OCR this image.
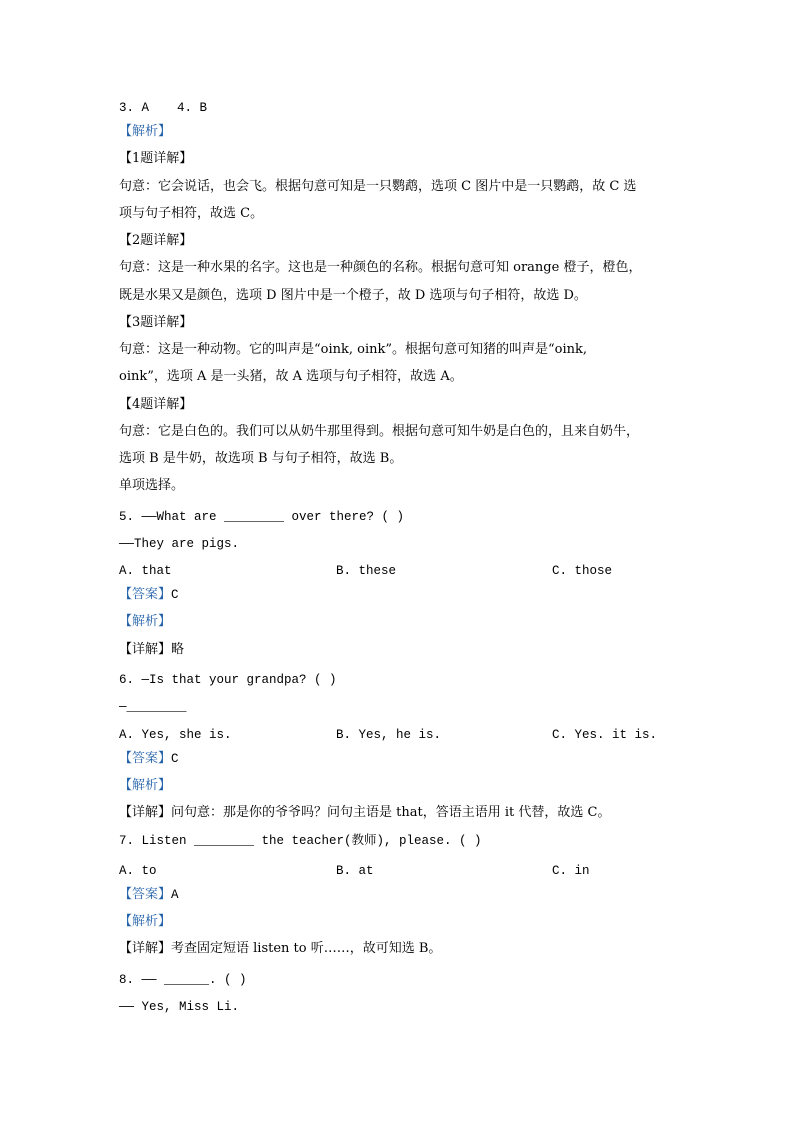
3. A 4. B
【解析】
【1题详解】
句意：它会说话，也会飞。根据句意可知是一只鹦鹉，选项 C 图片中是一只鹦鹉，故 C 选
项与句子相符，故选 C。
【2题详解】
句意：这是一种水果的名字。这也是一种颜色的名称。根据句意可知 orange 橙子，橙色，
既是水果又是颜色，选项 D 图片中是一个橙子，故 D 选项与句子相符，故选 D。
【3题详解】
句意：这是一种动物。它的叫声是“oink, oink”。根据句意可知猪的叫声是“oink,
oink”，选项 A 是一头猪，故 A 选项与句子相符，故选 A。
【4题详解】
句意：它是白色的。我们可以从奶牛那里得到。根据句意可知牛奶是白色的，且来自奶牛，
选项 B 是牛奶，故选项 B 与句子相符，故选 B。
单项选择。
5. ——What are ________ over there? ( )
——They are pigs.
A. that	B. these	C. those
【答案】C
【解析】
【详解】略
6. —Is that your grandpa? ( )
—________
A. Yes, she is.	B. Yes, he is.	C. Yes. it is.
【答案】C
【解析】
【详解】问句意：那是你的爷爷吗？问句主语是 that，答语主语用 it 代替，故选 C。
7. Listen ________ the teacher(教师), please. ( )
A. to	B. at	C. in
【答案】A
【解析】
【详解】考查固定短语 listen to 听……，故可知选 B。
8. —— ______. ( )
—— Yes, Miss Li.
